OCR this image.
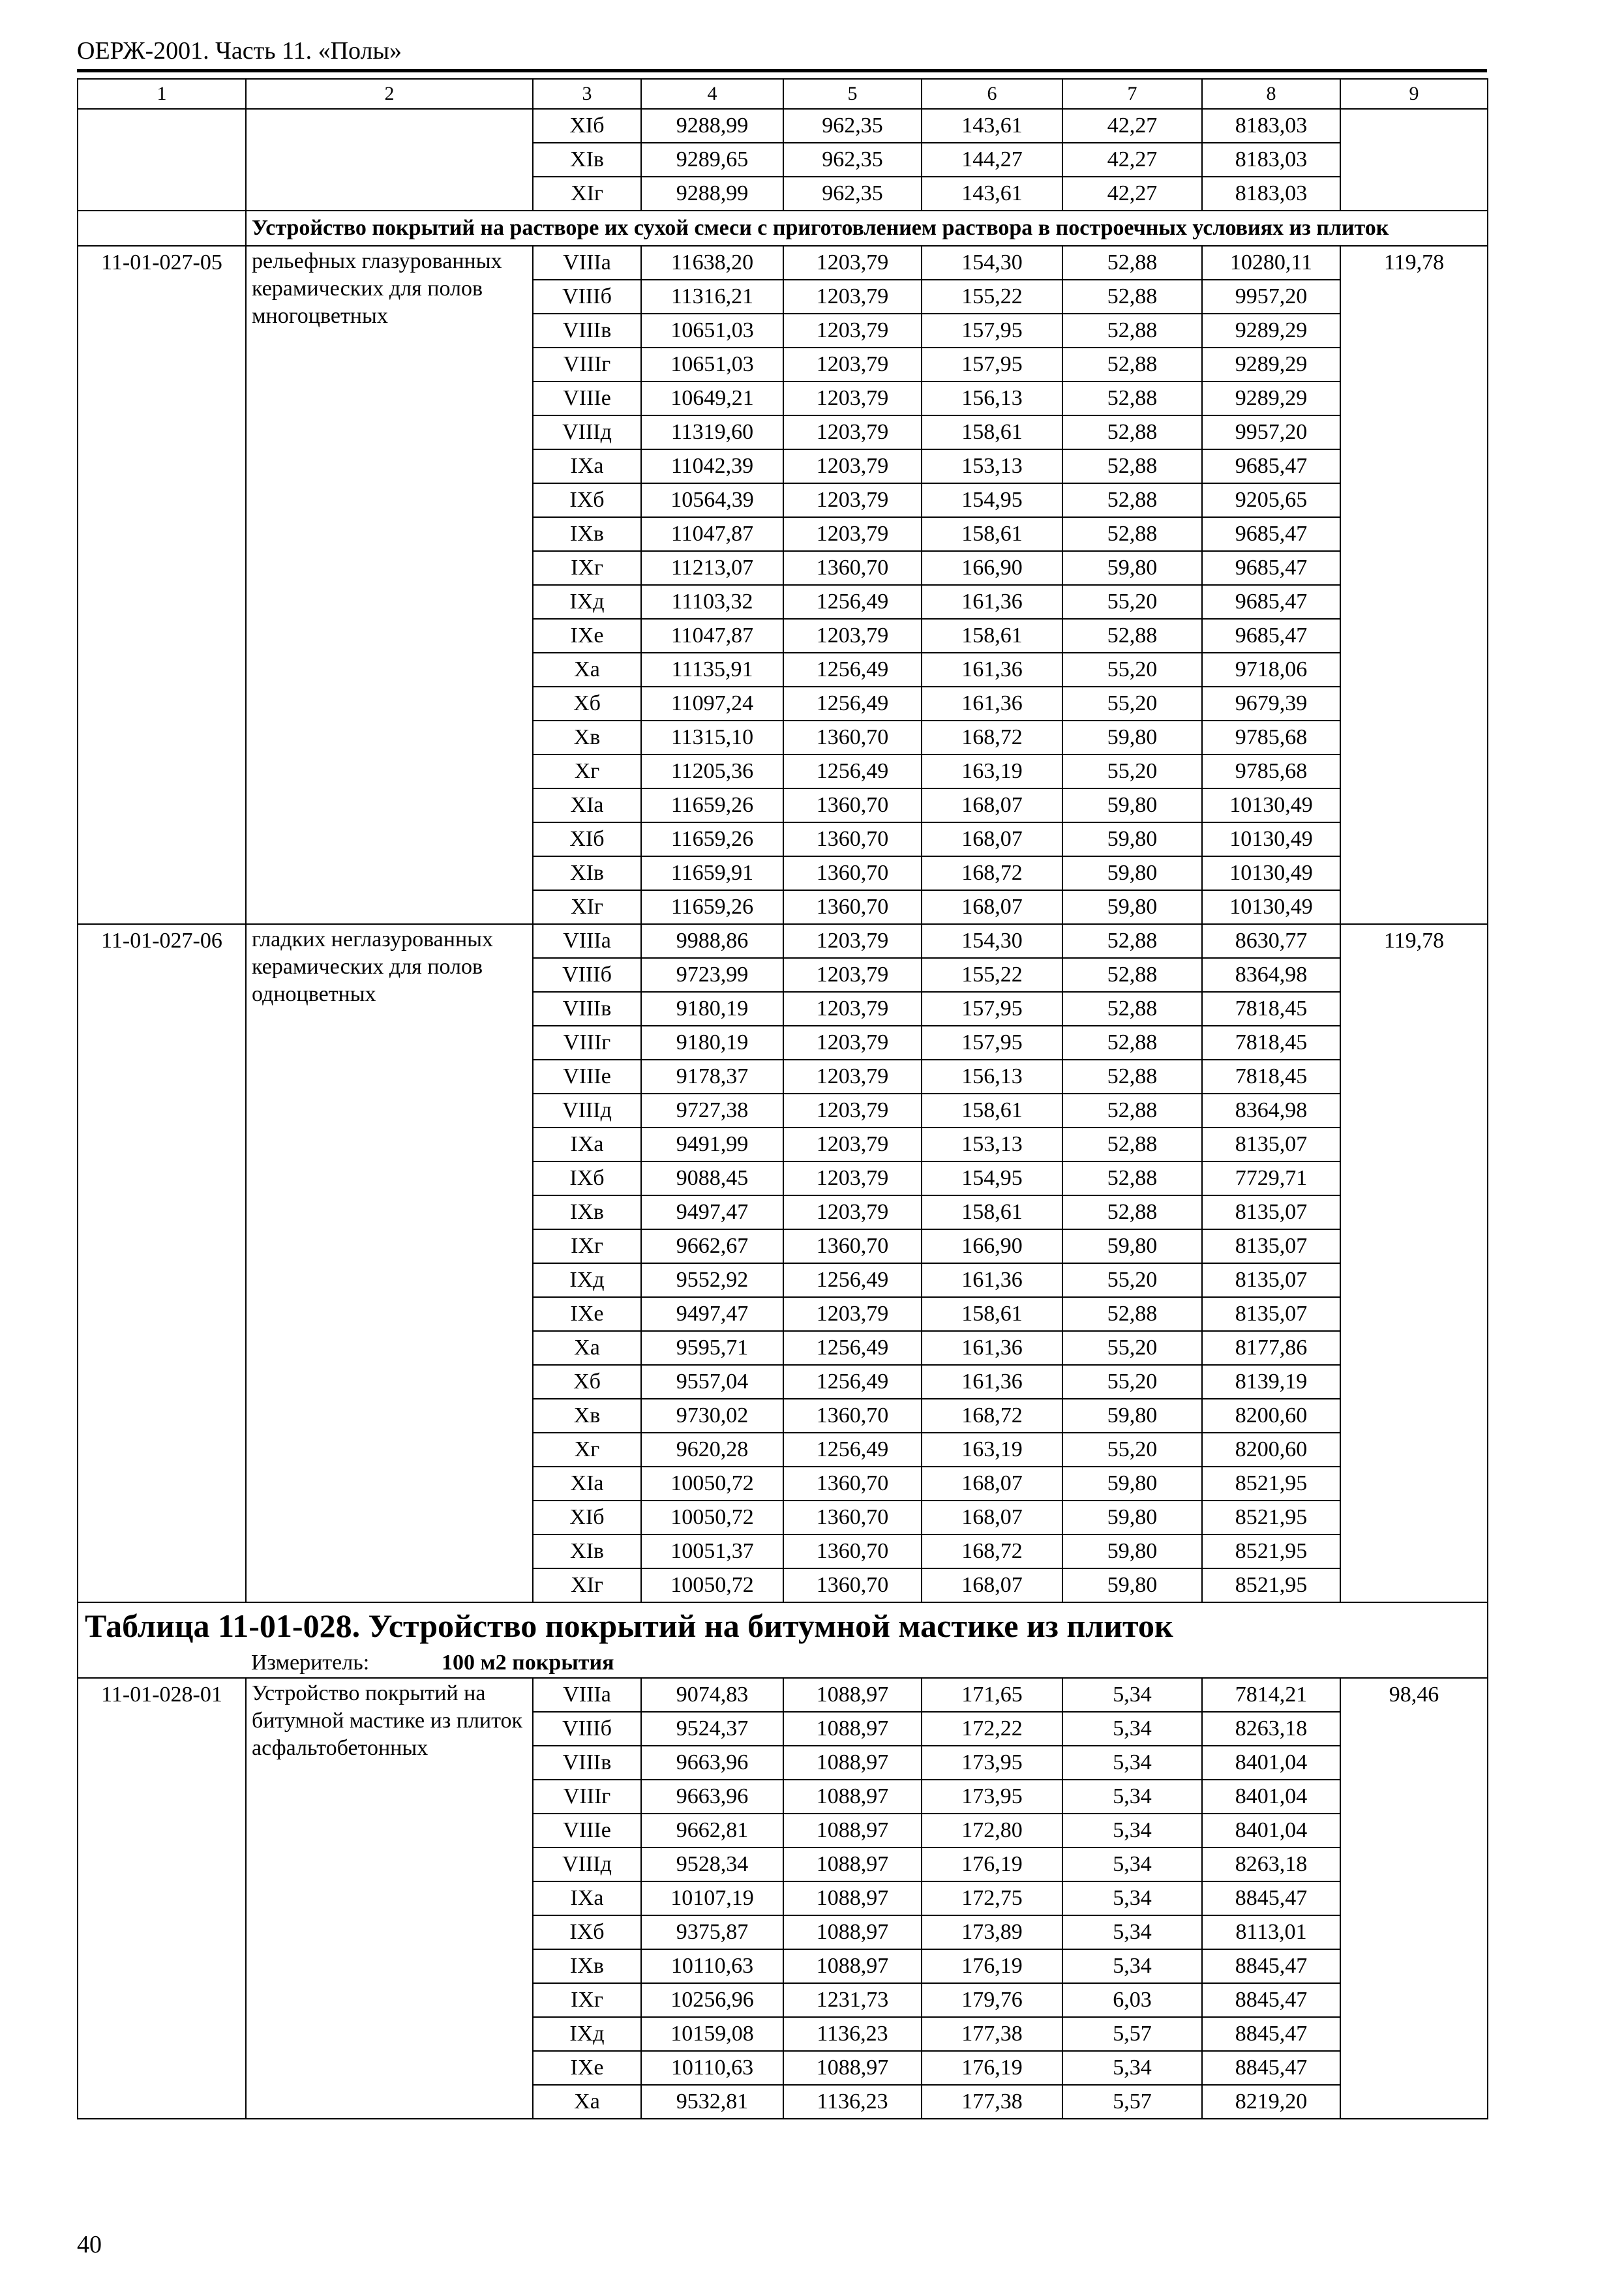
ОЕРЖ-2001. Часть 11. «Полы»
1	2	3	4	5	6	7	8	9
		XIб	9288,99	962,35	143,61	42,27	8183,03	
		XIв	9289,65	962,35	144,27	42,27	8183,03	
		XIг	9288,99	962,35	143,61	42,27	8183,03	
	Устройство покрытий на растворе их сухой смеси с приготовлением раствора в построечных условиях из плиток							
11-01-027-05	рельефных глазурованных керамических для полов многоцветных	VIIIа	11638,20	1203,79	154,30	52,88	10280,11	119,78
		VIIIб	11316,21	1203,79	155,22	52,88	9957,20	
		VIIIв	10651,03	1203,79	157,95	52,88	9289,29	
		VIIIг	10651,03	1203,79	157,95	52,88	9289,29	
		VIIIе	10649,21	1203,79	156,13	52,88	9289,29	
		VIIIд	11319,60	1203,79	158,61	52,88	9957,20	
		IXа	11042,39	1203,79	153,13	52,88	9685,47	
		IXб	10564,39	1203,79	154,95	52,88	9205,65	
		IXв	11047,87	1203,79	158,61	52,88	9685,47	
		IXг	11213,07	1360,70	166,90	59,80	9685,47	
		IXд	11103,32	1256,49	161,36	55,20	9685,47	
		IXе	11047,87	1203,79	158,61	52,88	9685,47	
		Xа	11135,91	1256,49	161,36	55,20	9718,06	
		Xб	11097,24	1256,49	161,36	55,20	9679,39	
		Xв	11315,10	1360,70	168,72	59,80	9785,68	
		Xг	11205,36	1256,49	163,19	55,20	9785,68	
		XIа	11659,26	1360,70	168,07	59,80	10130,49	
		XIб	11659,26	1360,70	168,07	59,80	10130,49	
		XIв	11659,91	1360,70	168,72	59,80	10130,49	
		XIг	11659,26	1360,70	168,07	59,80	10130,49	
11-01-027-06	гладких неглазурованных керамических для полов одноцветных	VIIIа	9988,86	1203,79	154,30	52,88	8630,77	119,78
		VIIIб	9723,99	1203,79	155,22	52,88	8364,98	
		VIIIв	9180,19	1203,79	157,95	52,88	7818,45	
		VIIIг	9180,19	1203,79	157,95	52,88	7818,45	
		VIIIе	9178,37	1203,79	156,13	52,88	7818,45	
		VIIIд	9727,38	1203,79	158,61	52,88	8364,98	
		IXа	9491,99	1203,79	153,13	52,88	8135,07	
		IXб	9088,45	1203,79	154,95	52,88	7729,71	
		IXв	9497,47	1203,79	158,61	52,88	8135,07	
		IXг	9662,67	1360,70	166,90	59,80	8135,07	
		IXд	9552,92	1256,49	161,36	55,20	8135,07	
		IXе	9497,47	1203,79	158,61	52,88	8135,07	
		Xа	9595,71	1256,49	161,36	55,20	8177,86	
		Xб	9557,04	1256,49	161,36	55,20	8139,19	
		Xв	9730,02	1360,70	168,72	59,80	8200,60	
		Xг	9620,28	1256,49	163,19	55,20	8200,60	
		XIа	10050,72	1360,70	168,07	59,80	8521,95	
		XIб	10050,72	1360,70	168,07	59,80	8521,95	
		XIв	10051,37	1360,70	168,72	59,80	8521,95	
		XIг	10050,72	1360,70	168,07	59,80	8521,95	
Таблица 11-01-028. Устройство покрытий на битумной мастике из плиток								
	Измеритель: 100 м2 покрытия							
11-01-028-01	Устройство покрытий на битумной мастике из плиток асфальтобетонных	VIIIа	9074,83	1088,97	171,65	5,34	7814,21	98,46
		VIIIб	9524,37	1088,97	172,22	5,34	8263,18	
		VIIIв	9663,96	1088,97	173,95	5,34	8401,04	
		VIIIг	9663,96	1088,97	173,95	5,34	8401,04	
		VIIIе	9662,81	1088,97	172,80	5,34	8401,04	
		VIIIд	9528,34	1088,97	176,19	5,34	8263,18	
		IXа	10107,19	1088,97	172,75	5,34	8845,47	
		IXб	9375,87	1088,97	173,89	5,34	8113,01	
		IXв	10110,63	1088,97	176,19	5,34	8845,47	
		IXг	10256,96	1231,73	179,76	6,03	8845,47	
		IXд	10159,08	1136,23	177,38	5,57	8845,47	
		IXе	10110,63	1088,97	176,19	5,34	8845,47	
		Xа	9532,81	1136,23	177,38	5,57	8219,20	
40
